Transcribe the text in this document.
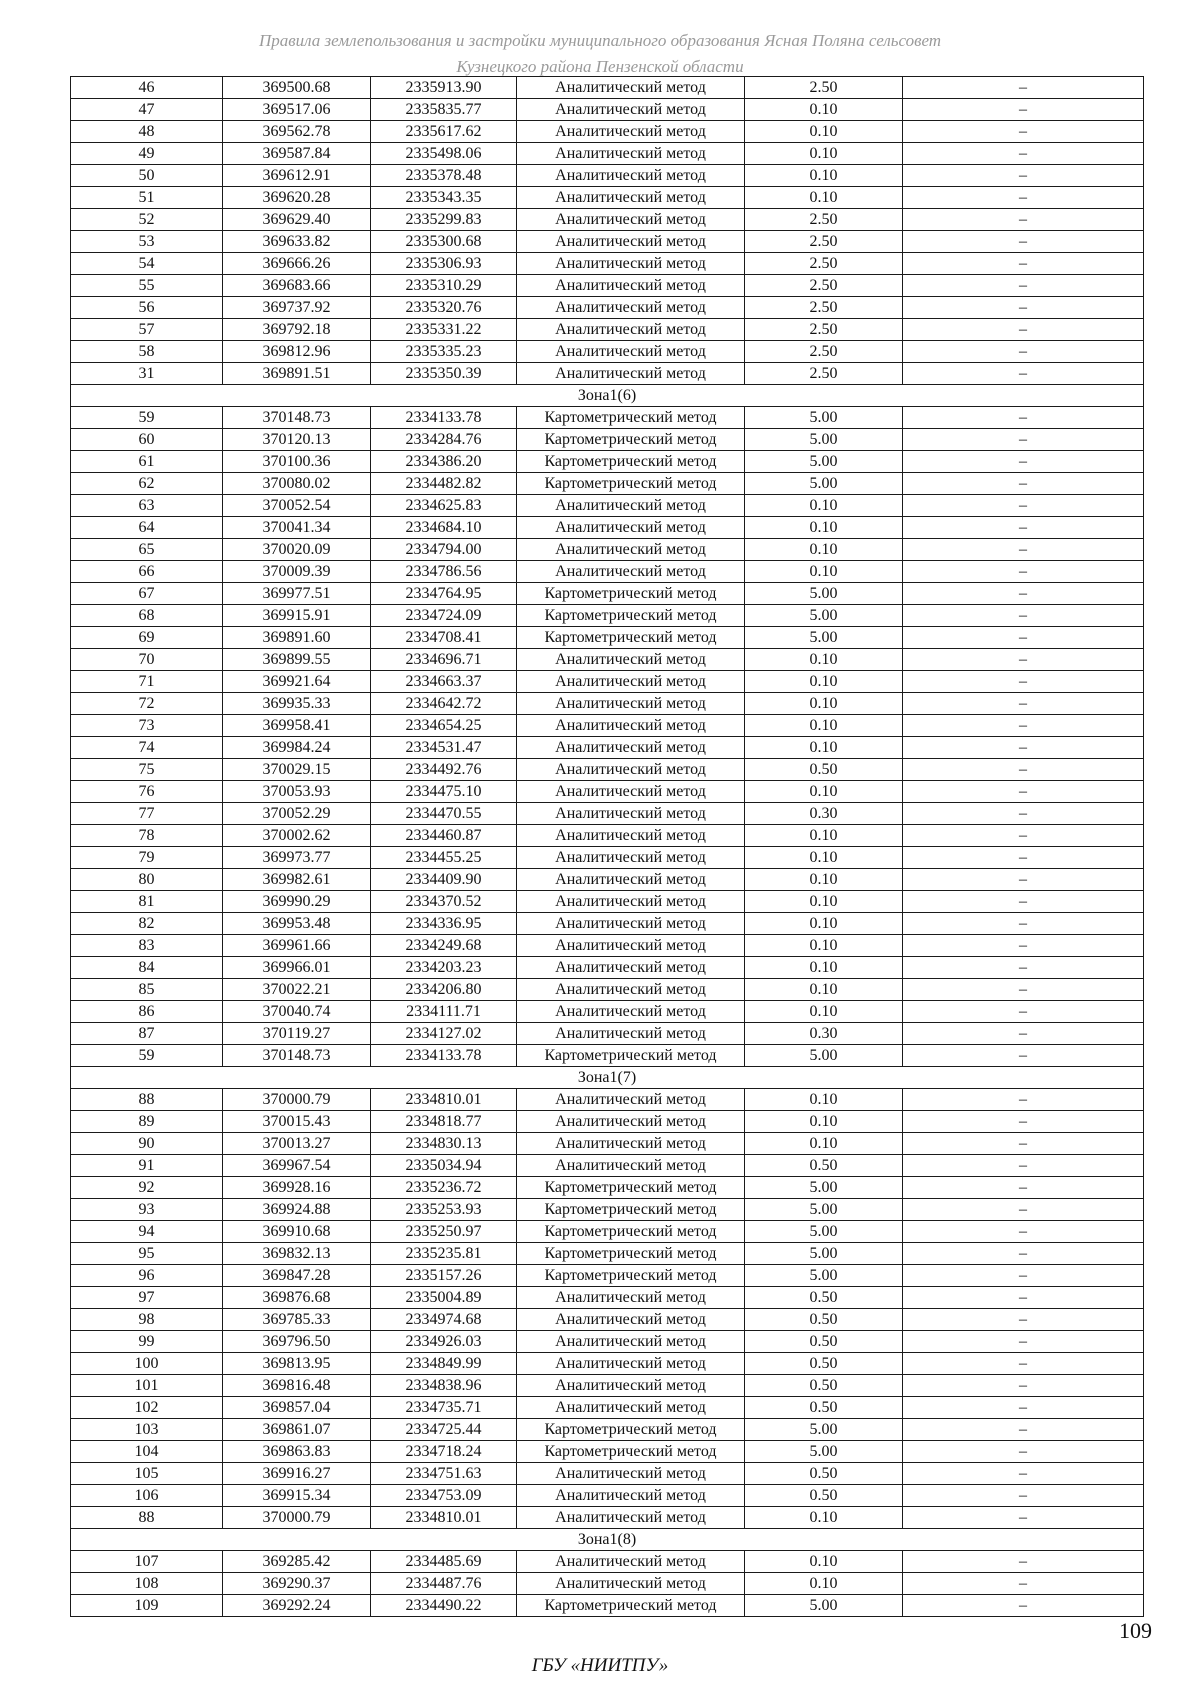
Правила землепользования и застройки муниципального образования Ясная Поляна сельсовет
Кузнецкого района Пензенской области
46	369500.68	2335913.90	Аналитический метод	2.50	–
47	369517.06	2335835.77	Аналитический метод	0.10	–
48	369562.78	2335617.62	Аналитический метод	0.10	–
49	369587.84	2335498.06	Аналитический метод	0.10	–
50	369612.91	2335378.48	Аналитический метод	0.10	–
51	369620.28	2335343.35	Аналитический метод	0.10	–
52	369629.40	2335299.83	Аналитический метод	2.50	–
53	369633.82	2335300.68	Аналитический метод	2.50	–
54	369666.26	2335306.93	Аналитический метод	2.50	–
55	369683.66	2335310.29	Аналитический метод	2.50	–
56	369737.92	2335320.76	Аналитический метод	2.50	–
57	369792.18	2335331.22	Аналитический метод	2.50	–
58	369812.96	2335335.23	Аналитический метод	2.50	–
31	369891.51	2335350.39	Аналитический метод	2.50	–
Зона1(6)					
59	370148.73	2334133.78	Картометрический метод	5.00	–
60	370120.13	2334284.76	Картометрический метод	5.00	–
61	370100.36	2334386.20	Картометрический метод	5.00	–
62	370080.02	2334482.82	Картометрический метод	5.00	–
63	370052.54	2334625.83	Аналитический метод	0.10	–
64	370041.34	2334684.10	Аналитический метод	0.10	–
65	370020.09	2334794.00	Аналитический метод	0.10	–
66	370009.39	2334786.56	Аналитический метод	0.10	–
67	369977.51	2334764.95	Картометрический метод	5.00	–
68	369915.91	2334724.09	Картометрический метод	5.00	–
69	369891.60	2334708.41	Картометрический метод	5.00	–
70	369899.55	2334696.71	Аналитический метод	0.10	–
71	369921.64	2334663.37	Аналитический метод	0.10	–
72	369935.33	2334642.72	Аналитический метод	0.10	–
73	369958.41	2334654.25	Аналитический метод	0.10	–
74	369984.24	2334531.47	Аналитический метод	0.10	–
75	370029.15	2334492.76	Аналитический метод	0.50	–
76	370053.93	2334475.10	Аналитический метод	0.10	–
77	370052.29	2334470.55	Аналитический метод	0.30	–
78	370002.62	2334460.87	Аналитический метод	0.10	–
79	369973.77	2334455.25	Аналитический метод	0.10	–
80	369982.61	2334409.90	Аналитический метод	0.10	–
81	369990.29	2334370.52	Аналитический метод	0.10	–
82	369953.48	2334336.95	Аналитический метод	0.10	–
83	369961.66	2334249.68	Аналитический метод	0.10	–
84	369966.01	2334203.23	Аналитический метод	0.10	–
85	370022.21	2334206.80	Аналитический метод	0.10	–
86	370040.74	2334111.71	Аналитический метод	0.10	–
87	370119.27	2334127.02	Аналитический метод	0.30	–
59	370148.73	2334133.78	Картометрический метод	5.00	–
Зона1(7)					
88	370000.79	2334810.01	Аналитический метод	0.10	–
89	370015.43	2334818.77	Аналитический метод	0.10	–
90	370013.27	2334830.13	Аналитический метод	0.10	–
91	369967.54	2335034.94	Аналитический метод	0.50	–
92	369928.16	2335236.72	Картометрический метод	5.00	–
93	369924.88	2335253.93	Картометрический метод	5.00	–
94	369910.68	2335250.97	Картометрический метод	5.00	–
95	369832.13	2335235.81	Картометрический метод	5.00	–
96	369847.28	2335157.26	Картометрический метод	5.00	–
97	369876.68	2335004.89	Аналитический метод	0.50	–
98	369785.33	2334974.68	Аналитический метод	0.50	–
99	369796.50	2334926.03	Аналитический метод	0.50	–
100	369813.95	2334849.99	Аналитический метод	0.50	–
101	369816.48	2334838.96	Аналитический метод	0.50	–
102	369857.04	2334735.71	Аналитический метод	0.50	–
103	369861.07	2334725.44	Картометрический метод	5.00	–
104	369863.83	2334718.24	Картометрический метод	5.00	–
105	369916.27	2334751.63	Аналитический метод	0.50	–
106	369915.34	2334753.09	Аналитический метод	0.50	–
88	370000.79	2334810.01	Аналитический метод	0.10	–
Зона1(8)					
107	369285.42	2334485.69	Аналитический метод	0.10	–
108	369290.37	2334487.76	Аналитический метод	0.10	–
109	369292.24	2334490.22	Картометрический метод	5.00	–
109
ГБУ «НИИТПУ»
